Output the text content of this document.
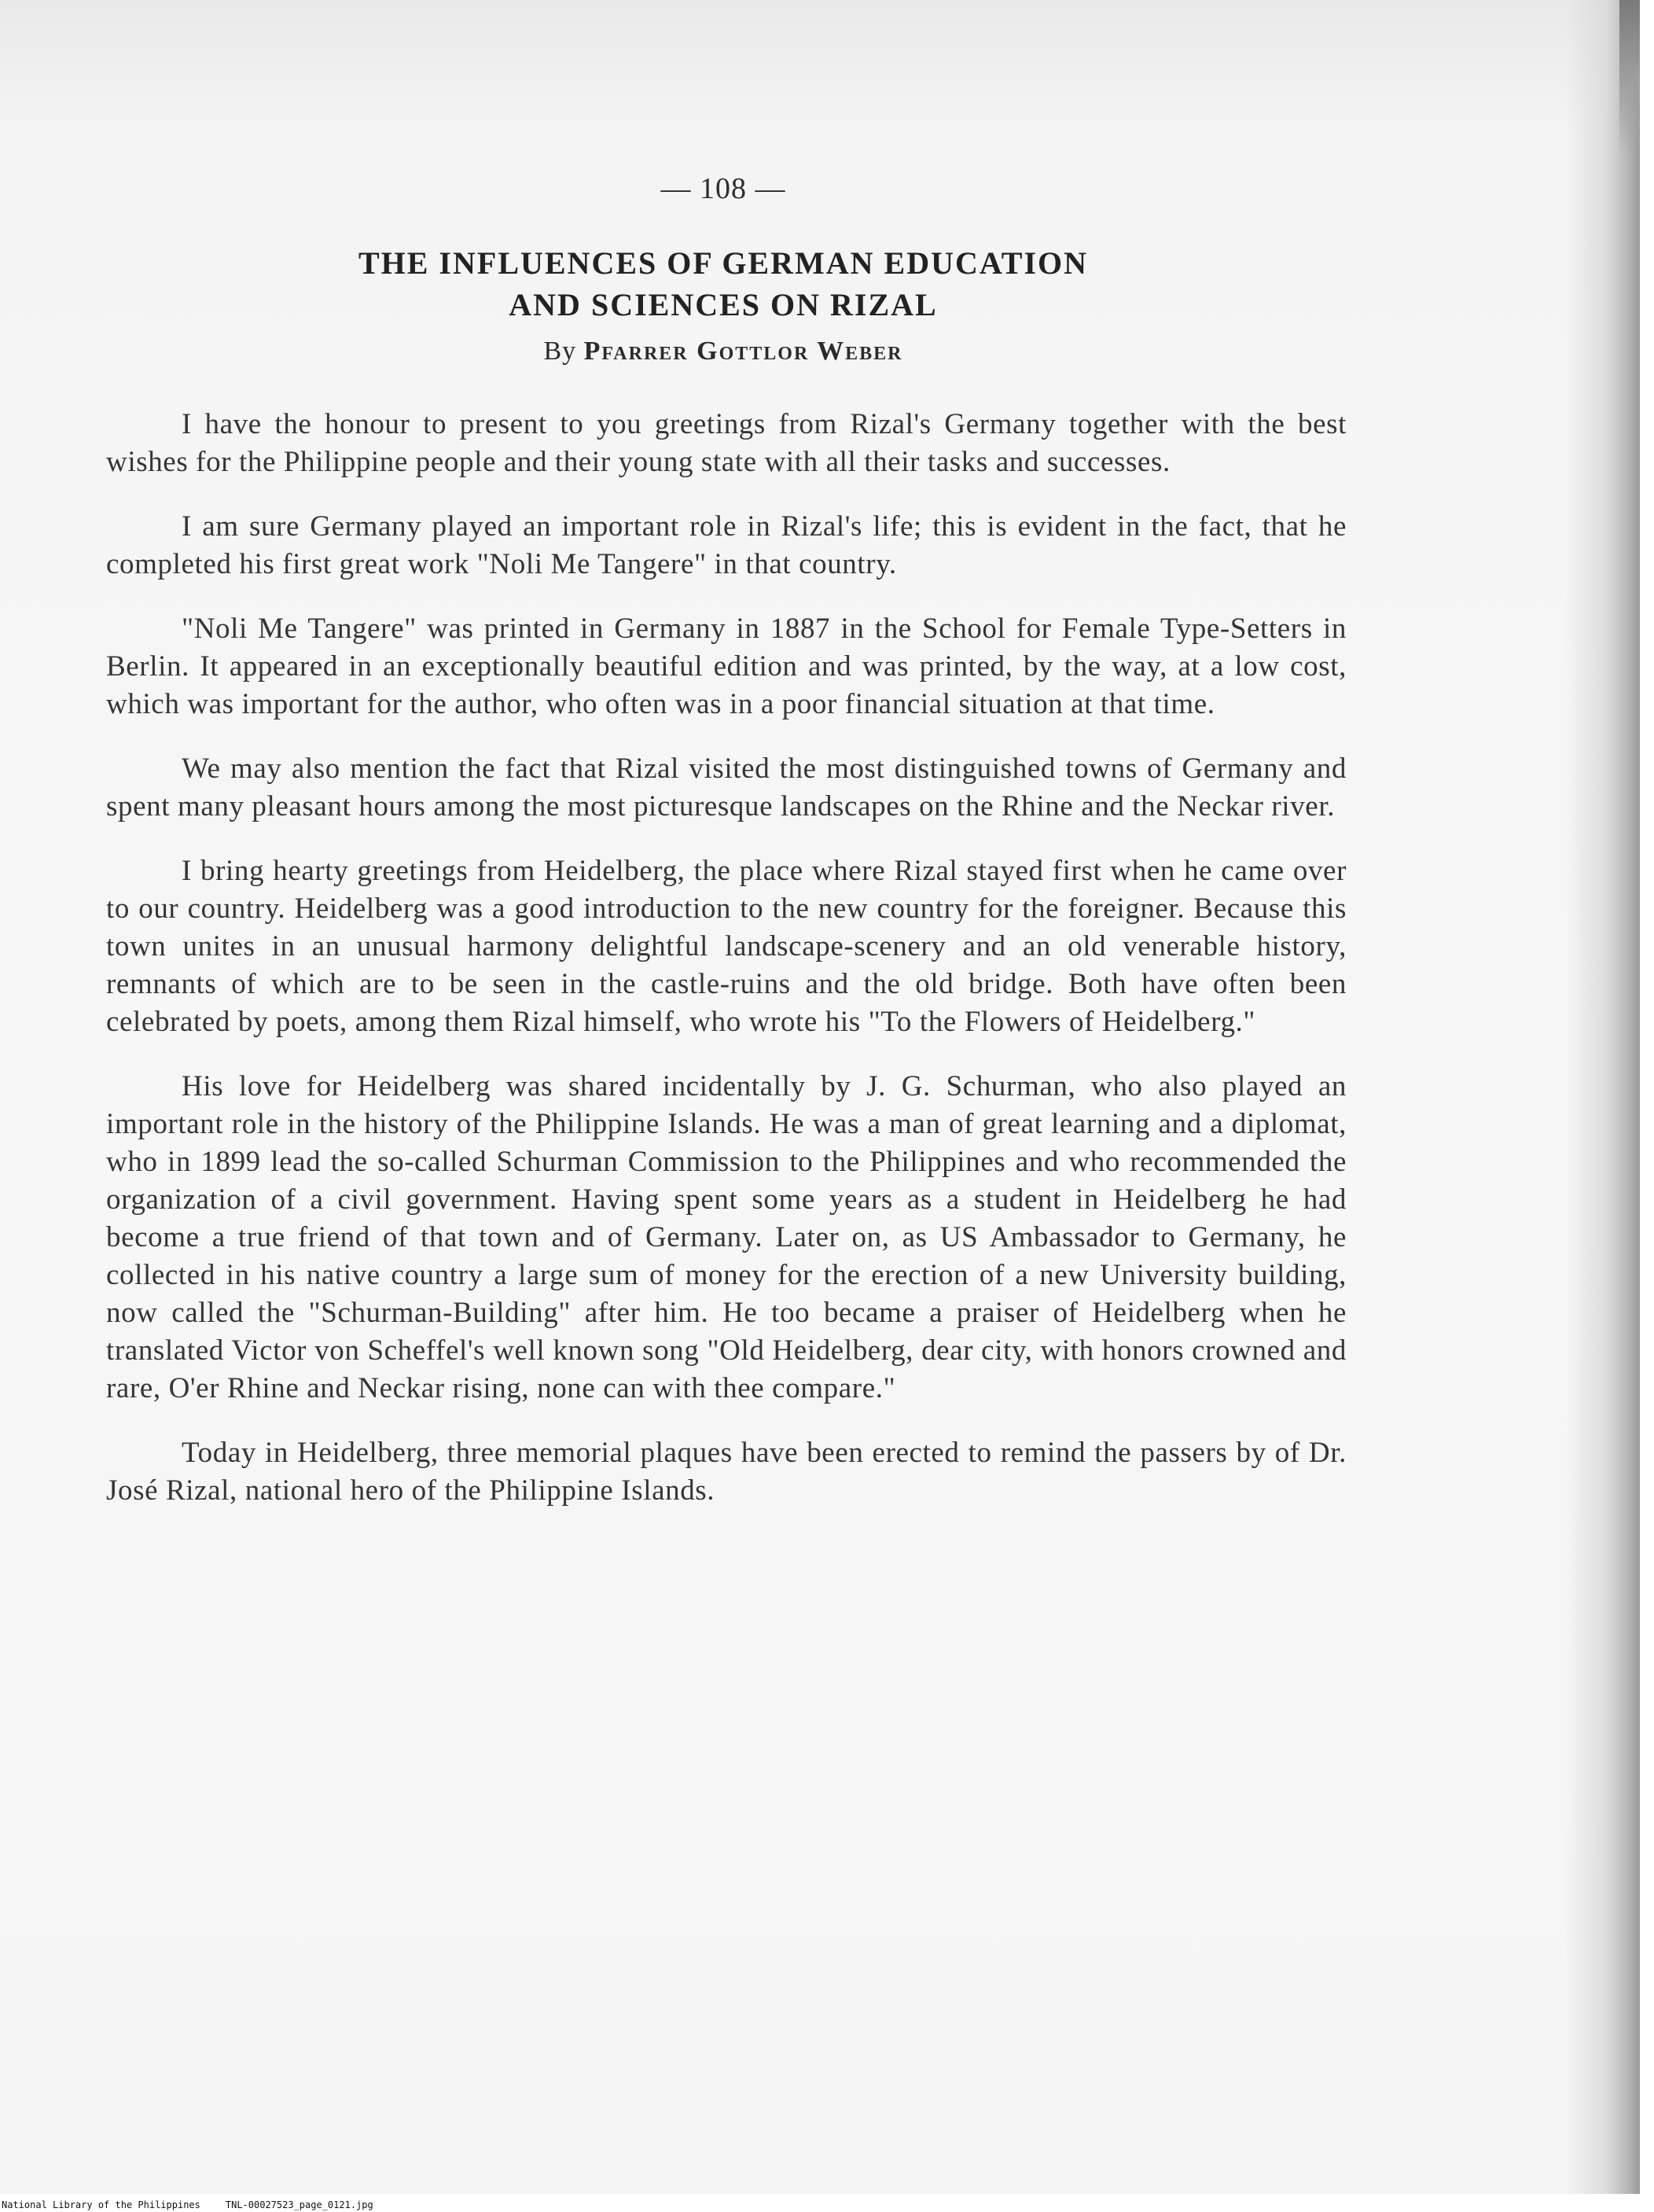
— 108 —
THE INFLUENCES OF GERMAN EDUCATION
AND SCIENCES ON RIZAL
By Pfarrer Gottlor Weber

I have the honour to present to you greetings from Rizal's Germany together with the best wishes for the Philippine people and their young state with all their tasks and successes.

I am sure Germany played an important role in Rizal's life; this is evident in the fact, that he completed his first great work "Noli Me Tangere" in that country.

"Noli Me Tangere" was printed in Germany in 1887 in the School for Female Type-Setters in Berlin. It appeared in an exceptionally beautiful edition and was printed, by the way, at a low cost, which was important for the author, who often was in a poor financial situation at that time.

We may also mention the fact that Rizal visited the most distinguished towns of Germany and spent many pleasant hours among the most picturesque landscapes on the Rhine and the Neckar river.

I bring hearty greetings from Heidelberg, the place where Rizal stayed first when he came over to our country. Heidelberg was a good introduction to the new country for the foreigner. Because this town unites in an unusual harmony delightful landscape-scenery and an old venerable history, remnants of which are to be seen in the castle-ruins and the old bridge. Both have often been celebrated by poets, among them Rizal himself, who wrote his "To the Flowers of Heidelberg."

His love for Heidelberg was shared incidentally by J. G. Schurman, who also played an important role in the history of the Philippine Islands. He was a man of great learning and a diplomat, who in 1899 lead the so-called Schurman Commission to the Philippines and who recommended the organization of a civil government. Having spent some years as a student in Heidelberg he had become a true friend of that town and of Germany. Later on, as US Ambassador to Germany, he collected in his native country a large sum of money for the erection of a new University building, now called the "Schurman-Building" after him. He too became a praiser of Heidelberg when he translated Victor von Scheffel's well known song "Old Heidelberg, dear city, with honors crowned and rare, O'er Rhine and Neckar rising, none can with thee compare."

Today in Heidelberg, three memorial plaques have been erected to remind the passers by of Dr. José Rizal, national hero of the Philippine Islands.

National Library of the Philippines	TNL-00027523_page_0121.jpg
